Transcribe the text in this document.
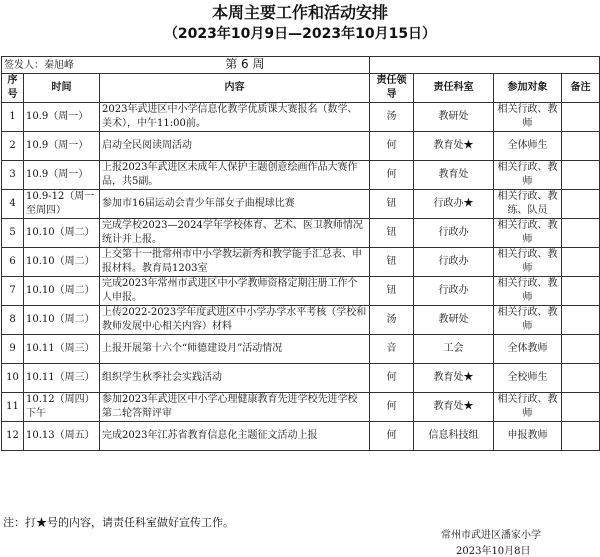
本周主要工作和活动安排
（2023年10月9日—2023年10月15日）
签发人：秦旭峰 第 6 周						
序号	时间	内容	责任领导	责任科室	参加对象	备注
1	10.9（周一）	2023年武进区中小学信息化教学优质课大赛报名（数学、美术），中午11:00前。	汤	教研处	相关行政、教师	
2	10.9（周一）	启动全民阅读周活动	何	教育处★	全体师生	
3	10.9（周一）	上报2023年武进区未成年人保护主题创意绘画作品大赛作品，共5副。	何	教育处	相关行政、教师	
4	10.9-12（周一至周四）	参加市16届运动会青少年部女子曲棍球比赛	钮	行政办★	相关行政、教练、队员	
5	10.10（周二）	完成学校2023—2024学年学校体育、艺术、医卫教师情况统计并上报。	钮	行政办	相关行政、教师	
6	10.10（周二）	上交第十一批常州市中小学教坛新秀和教学能手汇总表、申报材料。教育局1203室	钮	行政办	相关行政、教师	
7	10.10（周二）	完成2023年常州市武进区中小学教师资格定期注册工作个人申报。	钮	行政办	相关行政、教师	
8	10.10（周二）	上传2022-2023学年度武进区中小学办学水平考核（学校和教师发展中心相关内容）材料	汤	教研处	相关行政、教师	
9	10.11（周三）	上报开展第十六个“师德建设月”活动情况	音	工会	全体教师	
10	10.11（周三）	组织学生秋季社会实践活动	何	教育处★	全校师生	
11	10.12（周四）下午	参加2023年武进区中小学心理健康教育先进学校先进学校第二轮答辩评审	何	教育处★	相关行政、教师	
12	10.13（周五）	完成2023年江苏省教育信息化主题征文活动上报	何	信息科技组	申报教师	
注：打★号的内容，请责任科室做好宣传工作。
常州市武进区潘家小学
2023年10月8日
